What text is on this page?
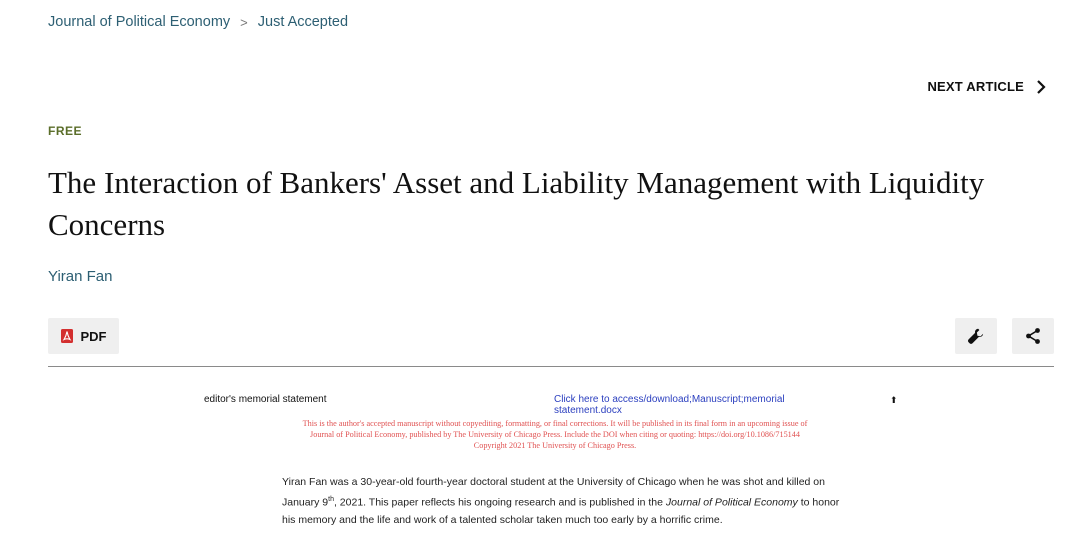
Journal of Political Economy > Just Accepted
NEXT ARTICLE
FREE
The Interaction of Bankers' Asset and Liability Management with Liquidity Concerns
Yiran Fan
PDF
editor's memorial statement	Click here to access/download;Manuscript;memorial statement.docx
⬆
This is the author's accepted manuscript without copyediting, formatting, or final corrections. It will be published in its final form in an upcoming issue of
Journal of Political Economy, published by The University of Chicago Press. Include the DOI when citing or quoting: https://doi.org/10.1086/715144
Copyright 2021 The University of Chicago Press.

Yiran Fan was a 30-year-old fourth-year doctoral student at the University of Chicago when he was shot and killed on January 9th, 2021. This paper reflects his ongoing research and is published in the Journal of Political Economy to honor his memory and the life and work of a talented scholar taken much too early by a horrific crime.
